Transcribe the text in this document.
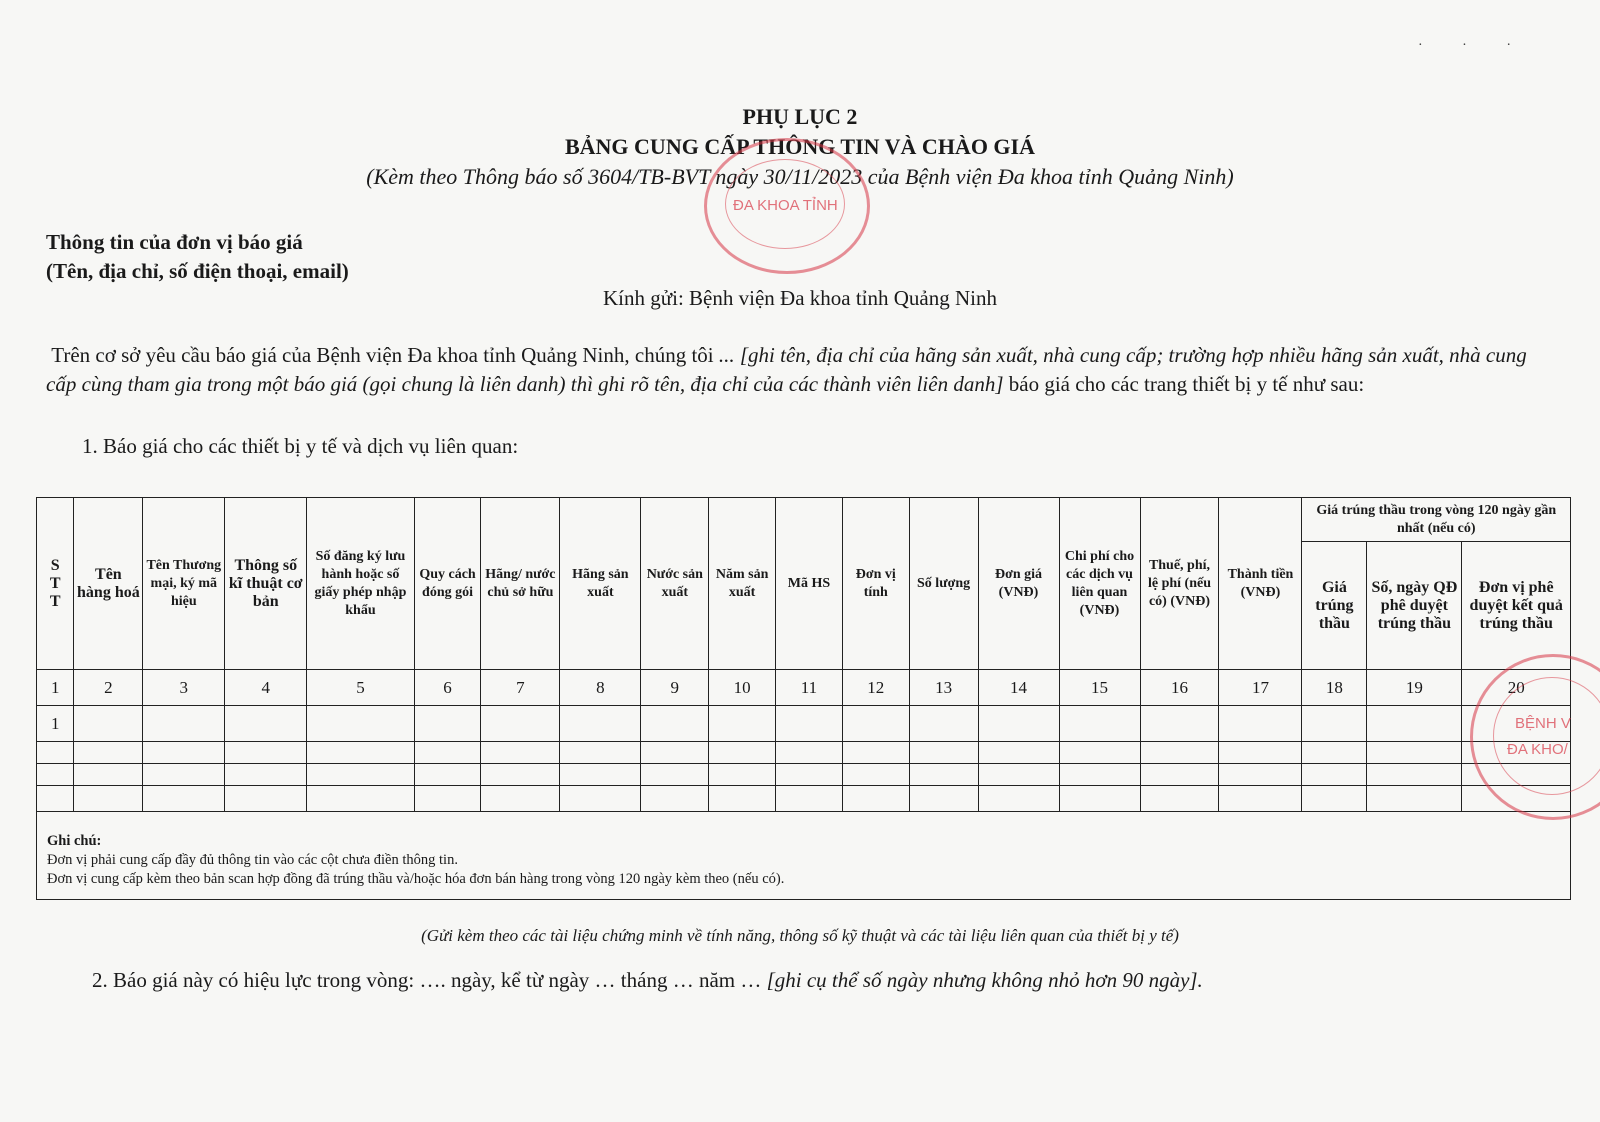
· · ·
PHỤ LỤC 2
BẢNG CUNG CẤP THÔNG TIN VÀ CHÀO GIÁ
(Kèm theo Thông báo số 3604/TB-BVT ngày 30/11/2023 của Bệnh viện Đa khoa tỉnh Quảng Ninh)
Thông tin của đơn vị báo giá
(Tên, địa chỉ, số điện thoại, email)
Kính gửi: Bệnh viện Đa khoa tỉnh Quảng Ninh
Trên cơ sở yêu cầu báo giá của Bệnh viện Đa khoa tỉnh Quảng Ninh, chúng tôi ... [ghi tên, địa chỉ của hãng sản xuất, nhà cung cấp; trường hợp nhiều hãng sản xuất, nhà cung cấp cùng tham gia trong một báo giá (gọi chung là liên danh) thì ghi rõ tên, địa chỉ của các thành viên liên danh] báo giá cho các trang thiết bị y tế như sau:
1. Báo giá cho các thiết bị y tế và dịch vụ liên quan:
S T T	Tên hàng hoá	Tên Thương mại, ký mã hiệu	Thông số kĩ thuật cơ bản	Số đăng ký lưu hành hoặc số giấy phép nhập khẩu	Quy cách đóng gói	Hãng/ nước chủ sở hữu	Hãng sản xuất	Nước sản xuất	Năm sản xuất	Mã HS	Đơn vị tính	Số lượng	Đơn giá (VNĐ)	Chi phí cho các dịch vụ liên quan (VNĐ)	Thuế, phí, lệ phí (nếu có) (VNĐ)	Thành tiền (VNĐ)	Giá trúng thầu trong vòng 120 ngày gần nhất (nếu có)		
																	Giá trúng thầu	Số, ngày QĐ phê duyệt trúng thầu	Đơn vị phê duyệt kết quả trúng thầu
1	2	3	4	5	6	7	8	9	10	11	12	13	14	15	16	17	18	19	20
1																			

Ghi chú:
Đơn vị phải cung cấp đầy đủ thông tin vào các cột chưa điền thông tin.
Đơn vị cung cấp kèm theo bản scan hợp đồng đã trúng thầu và/hoặc hóa đơn bán hàng trong vòng 120 ngày kèm theo (nếu có).																			
(Gửi kèm theo các tài liệu chứng minh về tính năng, thông số kỹ thuật và các tài liệu liên quan của thiết bị y tế)
2. Báo giá này có hiệu lực trong vòng: …. ngày, kể từ ngày … tháng … năm … [ghi cụ thể số ngày nhưng không nhỏ hơn 90 ngày].
ĐA KHOA TỈNH
BỆNH V
ĐA KHO/
